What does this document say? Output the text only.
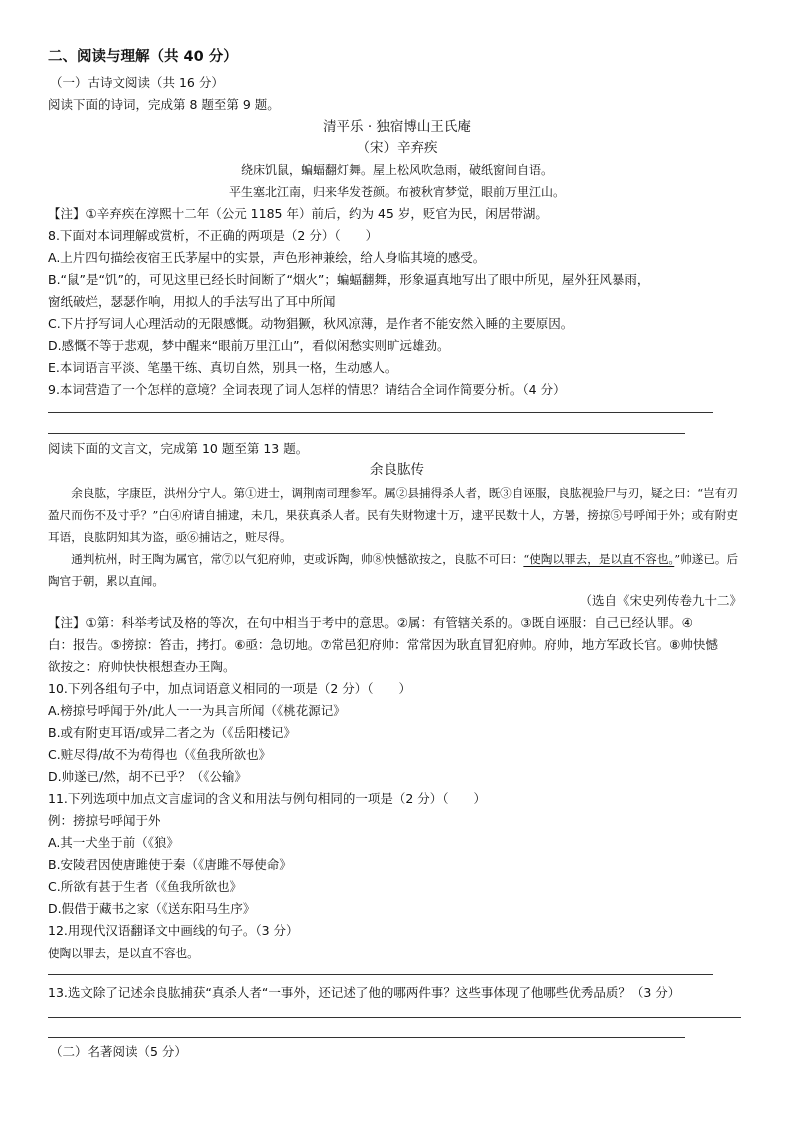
二、阅读与理解（共 40 分）
（一）古诗文阅读（共 16 分）
阅读下面的诗词，完成第 8 题至第 9 题。
清平乐 · 独宿博山王氏庵
（宋）辛弃疾
绕床饥鼠，蝙蝠翻灯舞。屋上松风吹急雨，破纸窗间自语。
平生塞北江南，归来华发苍颜。布被秋宵梦觉，眼前万里江山。
【注】①辛弃疾在淳熙十二年（公元 1185 年）前后，约为 45 岁，贬官为民，闲居带湖。
8.下面对本词理解或赏析，不正确的两项是（2 分）（　　）
A.上片四句描绘夜宿王氏茅屋中的实景，声色形神兼绘，给人身临其境的感受。
B.“鼠”是“饥”的，可见这里已经长时间断了“烟火”；蝙蝠翻舞，形象逼真地写出了眼中所见，屋外狂风暴雨，
窗纸破烂，瑟瑟作响，用拟人的手法写出了耳中所闻
C.下片抒写词人心理活动的无限感慨。动物猖獗，秋风凉薄，是作者不能安然入睡的主要原因。
D.感慨不等于悲观，梦中醒来“眼前万里江山”，看似闲愁实则旷远雄劲。
E.本词语言平淡、笔墨干练、真切自然，别具一格，生动感人。
9.本词营造了一个怎样的意境？全词表现了词人怎样的情思？请结合全词作简要分析。（4 分）
阅读下面的文言文，完成第 10 题至第 13 题。
余良肱传
余良肱，字康臣，洪州分宁人。第①进士，调荆南司理参军。属②县捕得杀人者，既③自诬服，良肱视验尸与刃，疑之曰：“岂有刃盈尺而伤不及寸乎？”白④府请自捕逮，未几，果获真杀人者。民有失财物逮十万，逮平民数十人，方暑，搒掠⑤号呼闻于外；或有附吏耳语，良肱阴知其为盗，亟⑥捕诘之，赃尽得。
通判杭州，时王陶为属官，常⑦以气犯府帅，吏或诉陶，帅⑧怏憾欲按之，良肱不可曰：“使陶以罪去，是以直不容也。”帅遂已。后陶官于朝，累以直闻。
（选自《宋史列传卷九十二》
【注】①第：科举考试及格的等次，在句中相当于考中的意思。②属：有管辖关系的。③既自诬服：自己已经认罪。④
白：报告。⑤搒掠：笞击，拷打。⑥亟：急切地。⑦常邑犯府帅：常常因为耿直冒犯府帅。府帅，地方军政长官。⑧帅快憾
欲按之：府帅快快根想查办王陶。
10.下列各组句子中，加点词语意义相同的一项是（2 分）（　　）
A.榜掠号呼闻于外/此人一一为具言所闻（《桃花源记》
B.或有附吏耳语/或异二者之为（《岳阳楼记》
C.赃尽得/故不为苟得也（《鱼我所欲也》
D.帅遂已/然，胡不已乎？（《公输》
11.下列选项中加点文言虚词的含义和用法与例句相同的一项是（2 分）（　　）
例：搒掠号呼闻于外
A.其一犬坐于前（《狼》
B.安陵君因使唐雎使于秦（《唐雎不辱使命》
C.所欲有甚于生者（《鱼我所欲也》
D.假借于藏书之家（《送东阳马生序》
12.用现代汉语翻译文中画线的句子。（3 分）
使陶以罪去，是以直不容也。
13.选文除了记述余良肱捕获“真杀人者“一事外，还记述了他的哪两件事？这些事体现了他哪些优秀品质？（3 分）
（二）名著阅读（5 分）
